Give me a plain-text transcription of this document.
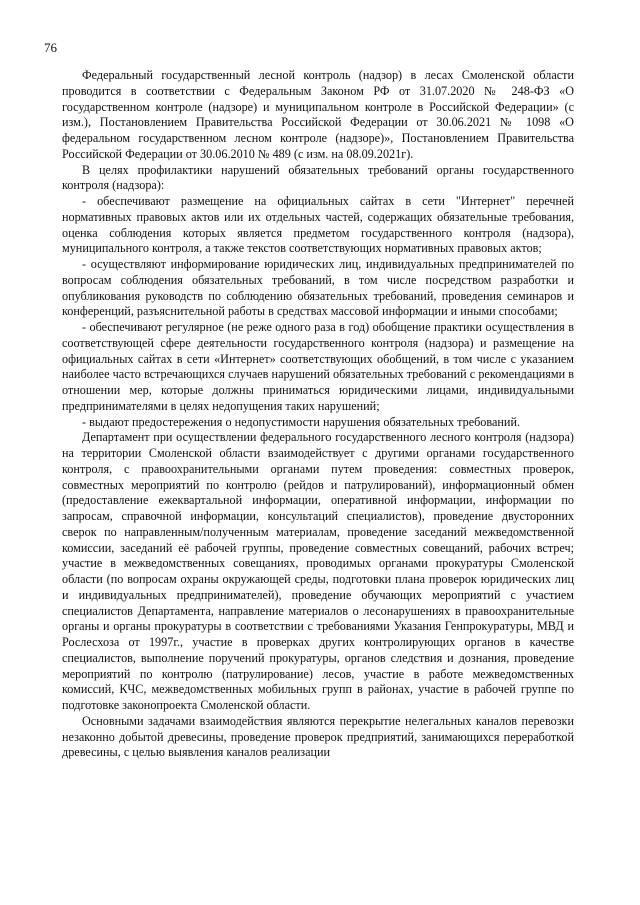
76

Федеральный государственный лесной контроль (надзор) в лесах Смоленской области проводится в соответствии с Федеральным Законом РФ от 31.07.2020 № 248-ФЗ «О государственном контроле (надзоре) и муниципальном контроле в Российской Федерации» (с изм.), Постановлением Правительства Российской Федерации от 30.06.2021 № 1098 «О федеральном государственном лесном контроле (надзоре)», Постановлением Правительства Российской Федерации от 30.06.2010 № 489 (с изм. на 08.09.2021г).

В целях профилактики нарушений обязательных требований органы государственного контроля (надзора):

- обеспечивают размещение на официальных сайтах в сети "Интернет" перечней нормативных правовых актов или их отдельных частей, содержащих обязательные требования, оценка соблюдения которых является предметом государственного контроля (надзора), муниципального контроля, а также текстов соответствующих нормативных правовых актов;

- осуществляют информирование юридических лиц, индивидуальных предпринимателей по вопросам соблюдения обязательных требований, в том числе посредством разработки и опубликования руководств по соблюдению обязательных требований, проведения семинаров и конференций, разъяснительной работы в средствах массовой информации и иными способами;

- обеспечивают регулярное (не реже одного раза в год) обобщение практики осуществления в соответствующей сфере деятельности государственного контроля (надзора) и размещение на официальных сайтах в сети «Интернет» соответствующих обобщений, в том числе с указанием наиболее часто встречающихся случаев нарушений обязательных требований с рекомендациями в отношении мер, которые должны приниматься юридическими лицами, индивидуальными предпринимателями в целях недопущения таких нарушений;

- выдают предостережения о недопустимости нарушения обязательных требований.

Департамент при осуществлении федерального государственного лесного контроля (надзора) на территории Смоленской области взаимодействует с другими органами государственного контроля, с правоохранительными органами путем проведения: совместных проверок, совместных мероприятий по контролю (рейдов и патрулирований), информационный обмен (предоставление ежеквартальной информации, оперативной информации, информации по запросам, справочной информации, консультаций специалистов), проведение двусторонних сверок по направленным/полученным материалам, проведение заседаний межведомственной комиссии, заседаний её рабочей группы, проведение совместных совещаний, рабочих встреч; участие в межведомственных совещаниях, проводимых органами прокуратуры Смоленской области (по вопросам охраны окружающей среды, подготовки плана проверок юридических лиц и индивидуальных предпринимателей), проведение обучающих мероприятий с участием специалистов Департамента, направление материалов о лесонарушениях в правоохранительные органы и органы прокуратуры в соответствии с требованиями Указания Генпрокуратуры, МВД и Рослесхоза от 1997г., участие в проверках других контролирующих органов в качестве специалистов, выполнение поручений прокуратуры, органов следствия и дознания, проведение мероприятий по контролю (патрулирование) лесов, участие в работе межведомственных комиссий, КЧС, межведомственных мобильных групп в районах, участие в рабочей группе по подготовке законопроекта Смоленской области.

Основными задачами взаимодействия являются перекрытие нелегальных каналов перевозки незаконно добытой древесины, проведение проверок предприятий, занимающихся переработкой древесины, с целью выявления каналов реализации
